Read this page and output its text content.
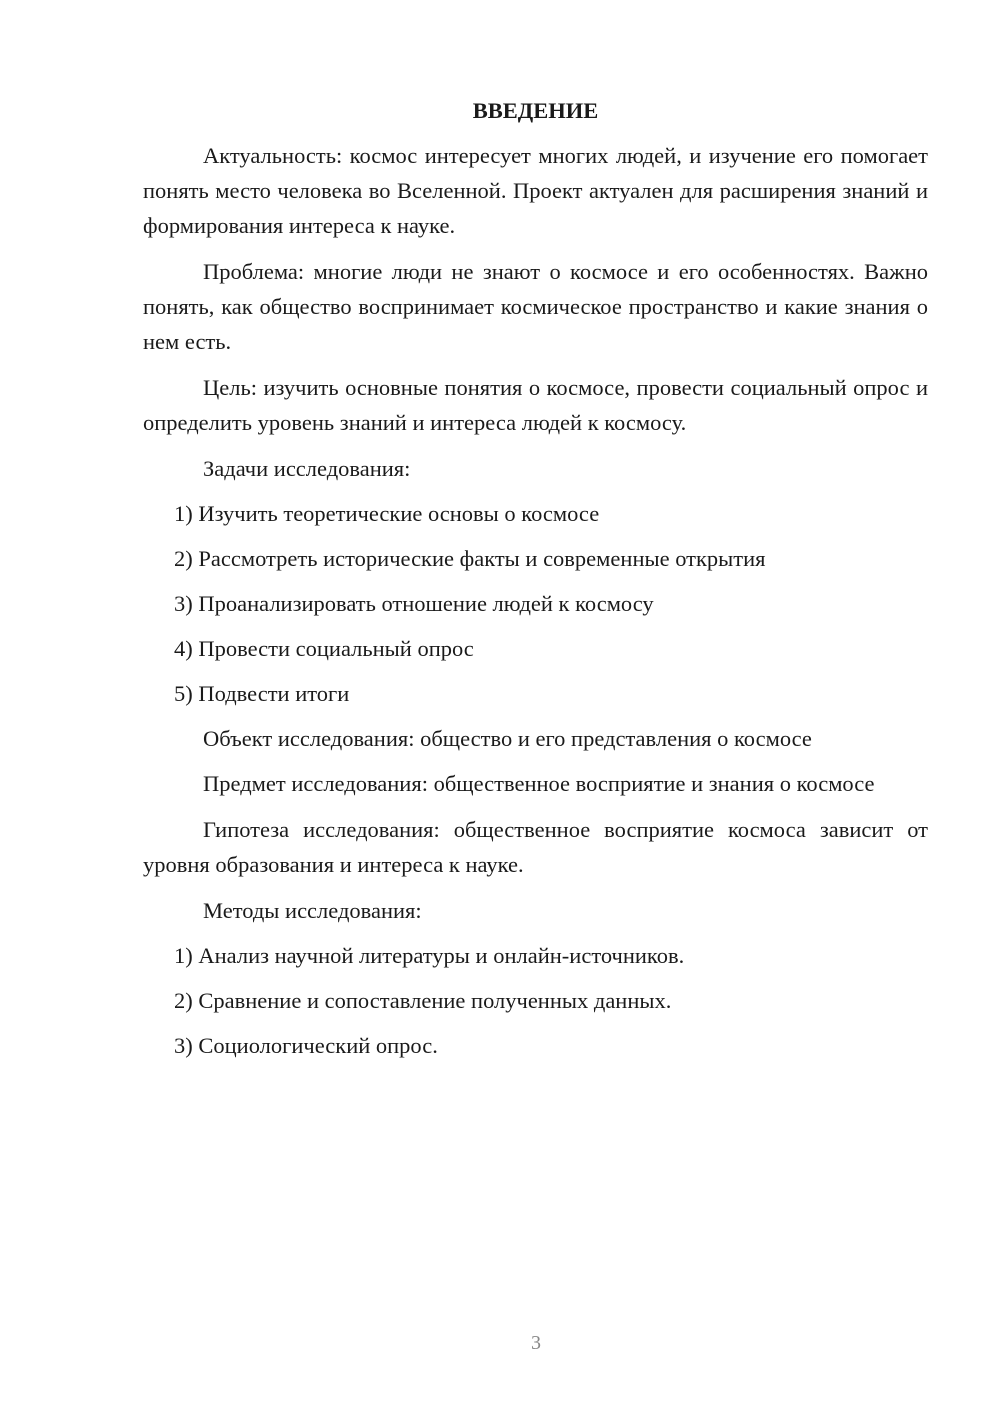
ВВЕДЕНИЕ
Актуальность: космос интересует многих людей, и изучение его помогает понять место человека во Вселенной. Проект актуален для расширения знаний и формирования интереса к науке.
Проблема: многие люди не знают о космосе и его особенностях. Важно понять, как общество воспринимает космическое пространство и какие знания о нем есть.
Цель: изучить основные понятия о космосе, провести социальный опрос и определить уровень знаний и интереса людей к космосу.
Задачи исследования:
1) Изучить теоретические основы о космосе
2) Рассмотреть исторические факты и современные открытия
3) Проанализировать отношение людей к космосу
4) Провести социальный опрос
5) Подвести итоги
Объект исследования: общество и его представления о космосе
Предмет исследования: общественное восприятие и знания о космосе
Гипотеза исследования: общественное восприятие космоса зависит от уровня образования и интереса к науке.
Методы исследования:
1) Анализ научной литературы и онлайн-источников.
2) Сравнение и сопоставление полученных данных.
3) Социологический опрос.
3
